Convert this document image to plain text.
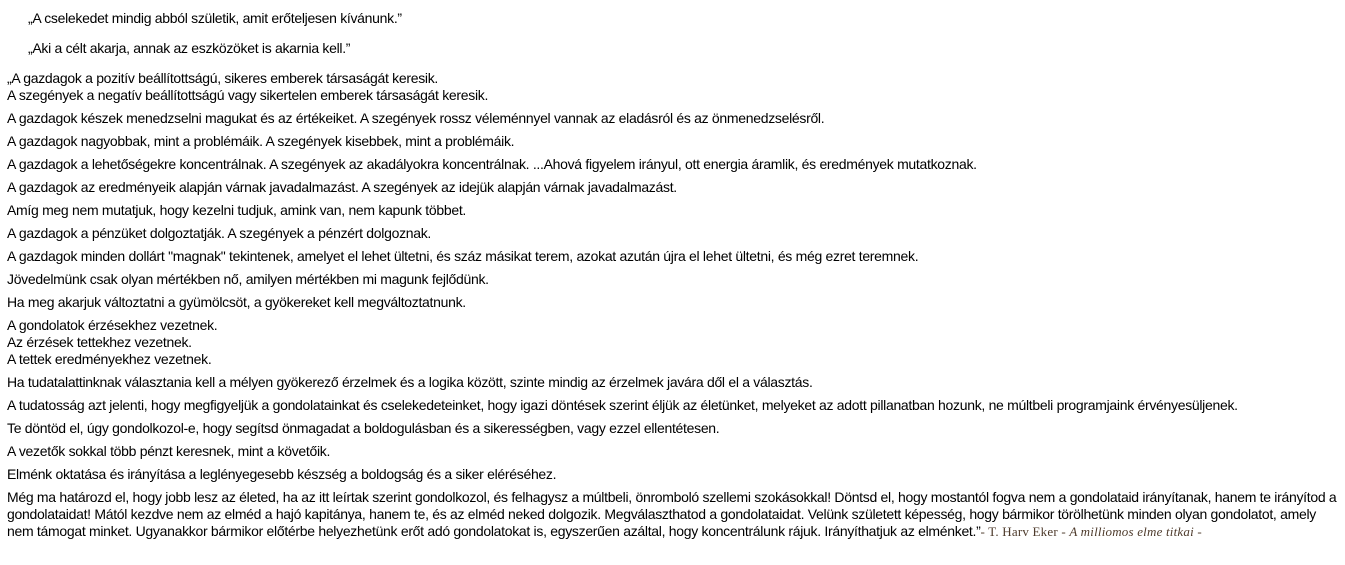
„A cselekedet mindig abból születik, amit erőteljesen kívánunk.”

„Aki a célt akarja, annak az eszközöket is akarnia kell.”

„A gazdagok a pozitív beállítottságú, sikeres emberek társaságát keresik.
A szegények a negatív beállítottságú vagy sikertelen emberek társaságát keresik.

A gazdagok készek menedzselni magukat és az értékeiket. A szegények rossz véleménnyel vannak az eladásról és az önmenedzselésről.

A gazdagok nagyobbak, mint a problémáik. A szegények kisebbek, mint a problémáik.

A gazdagok a lehetőségekre koncentrálnak. A szegények az akadályokra koncentrálnak. ...Ahová figyelem irányul, ott energia áramlik, és eredmények mutatkoznak.

A gazdagok az eredményeik alapján várnak javadalmazást. A szegények az idejük alapján várnak javadalmazást.

Amíg meg nem mutatjuk, hogy kezelni tudjuk, amink van, nem kapunk többet.

A gazdagok a pénzüket dolgoztatják. A szegények a pénzért dolgoznak.

A gazdagok minden dollárt "magnak" tekintenek, amelyet el lehet ültetni, és száz másikat terem, azokat azután újra el lehet ültetni, és még ezret teremnek.

Jövedelmünk csak olyan mértékben nő, amilyen mértékben mi magunk fejlődünk.

Ha meg akarjuk változtatni a gyümölcsöt, a gyökereket kell megváltoztatnunk.

A gondolatok érzésekhez vezetnek.
Az érzések tettekhez vezetnek.
A tettek eredményekhez vezetnek.

Ha tudatalattinknak választania kell a mélyen gyökerező érzelmek és a logika között, szinte mindig az érzelmek javára dől el a választás.

A tudatosság azt jelenti, hogy megfigyeljük a gondolatainkat és cselekedeteinket, hogy igazi döntések szerint éljük az életünket, melyeket az adott pillanatban hozunk, ne múltbeli programjaink érvényesüljenek.

Te döntöd el, úgy gondolkozol-e, hogy segítsd önmagadat a boldogulásban és a sikerességben, vagy ezzel ellentétesen.

A vezetők sokkal több pénzt keresnek, mint a követőik.

Elménk oktatása és irányítása a leglényegesebb készség a boldogság és a siker eléréséhez.

Még ma határozd el, hogy jobb lesz az életed, ha az itt leírtak szerint gondolkozol, és felhagysz a múltbeli, önromboló szellemi szokásokkal! Döntsd el, hogy mostantól fogva nem a gondolataid irányítanak, hanem te irányítod a gondolataidat! Mától kezdve nem az elméd a hajó kapitánya, hanem te, és az elméd neked dolgozik. Megválaszthatod a gondolataidat. Velünk született képesség, hogy bármikor törölhetünk minden olyan gondolatot, amely nem támogat minket. Ugyanakkor bármikor előtérbe helyezhetünk erőt adó gondolatokat is, egyszerűen azáltal, hogy koncentrálunk rájuk. Irányíthatjuk az elménket.”- T. Harv Eker - A milliomos elme titkai -
